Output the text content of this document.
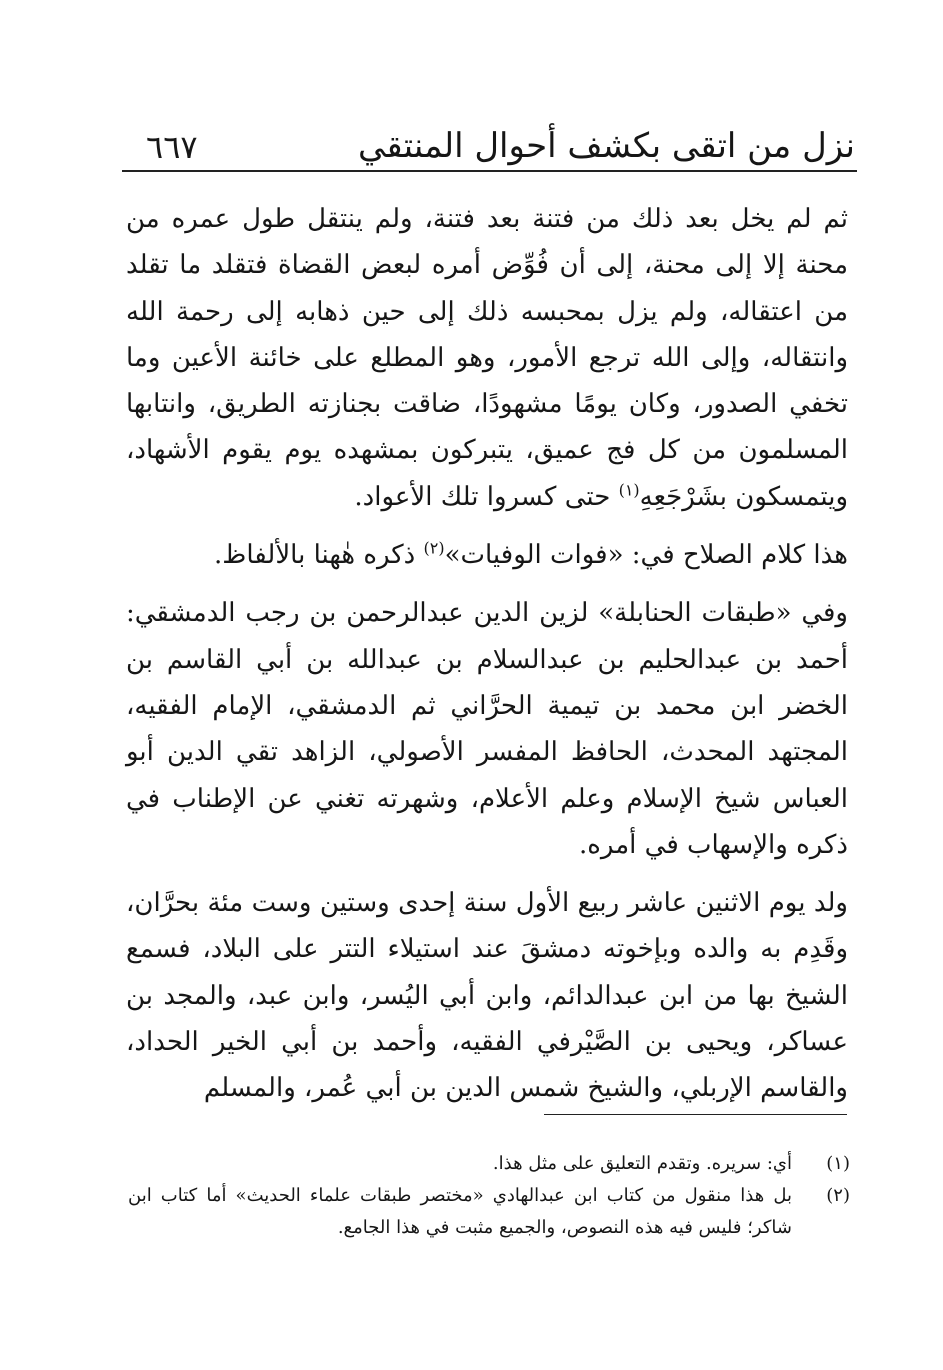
نزل من اتقى بكشف أحوال المنتقي
٦٦٧

ثم لم يخل بعد ذلك من فتنة بعد فتنة، ولم ينتقل طول عمره من محنة إلا إلى محنة، إلى أن فُوِّض أمره لبعض القضاة فتقلد ما تقلد من اعتقاله، ولم يزل بمحبسه ذلك إلى حين ذهابه إلى رحمة الله وانتقاله، وإلى الله ترجع الأمور، وهو المطلع على خائنة الأعين وما تخفي الصدور، وكان يومًا مشهودًا، ضاقت بجنازته الطريق، وانتابها المسلمون من كل فج عميق، يتبركون بمشهده يوم يقوم الأشهاد، ويتمسكون بشَرْجَعِهِ$^{(١)}$ حتى كسروا تلك الأعواد.

هذا كلام الصلاح في: «فوات الوفيات»$^{(٢)}$ ذكره هٰهنا بالألفاظ.

وفي «طبقات الحنابلة» لزين الدين عبدالرحمن بن رجب الدمشقي: أحمد بن عبدالحليم بن عبدالسلام بن عبدالله بن أبي القاسم بن الخضر ابن محمد بن تيمية الحرَّاني ثم الدمشقي، الإمام الفقيه، المجتهد المحدث، الحافظ المفسر الأصولي، الزاهد تقي الدين أبو العباس شيخ الإسلام وعلم الأعلام، وشهرته تغني عن الإطناب في ذكره والإسهاب في أمره.

ولد يوم الاثنين عاشر ربيع الأول سنة إحدى وستين وست مئة بحرَّان، وقَدِم به والده وبإخوته دمشقَ عند استيلاء التتر على البلاد، فسمع الشيخ بها من ابن عبدالدائم، وابن أبي اليُسر، وابن عبد، والمجد بن عساكر، ويحيى بن الصَّيْرفي الفقيه، وأحمد بن أبي الخير الحداد، والقاسم الإربلي، والشيخ شمس الدين بن أبي عُمر، والمسلم

(١)
أي: سريره. وتقدم التعليق على مثل هذا.

(٢)
بل هذا منقول من كتاب ابن عبدالهادي «مختصر طبقات علماء الحديث» أما كتاب ابن شاكر؛ فليس فيه هذه النصوص، والجميع مثبت في هذا الجامع.
